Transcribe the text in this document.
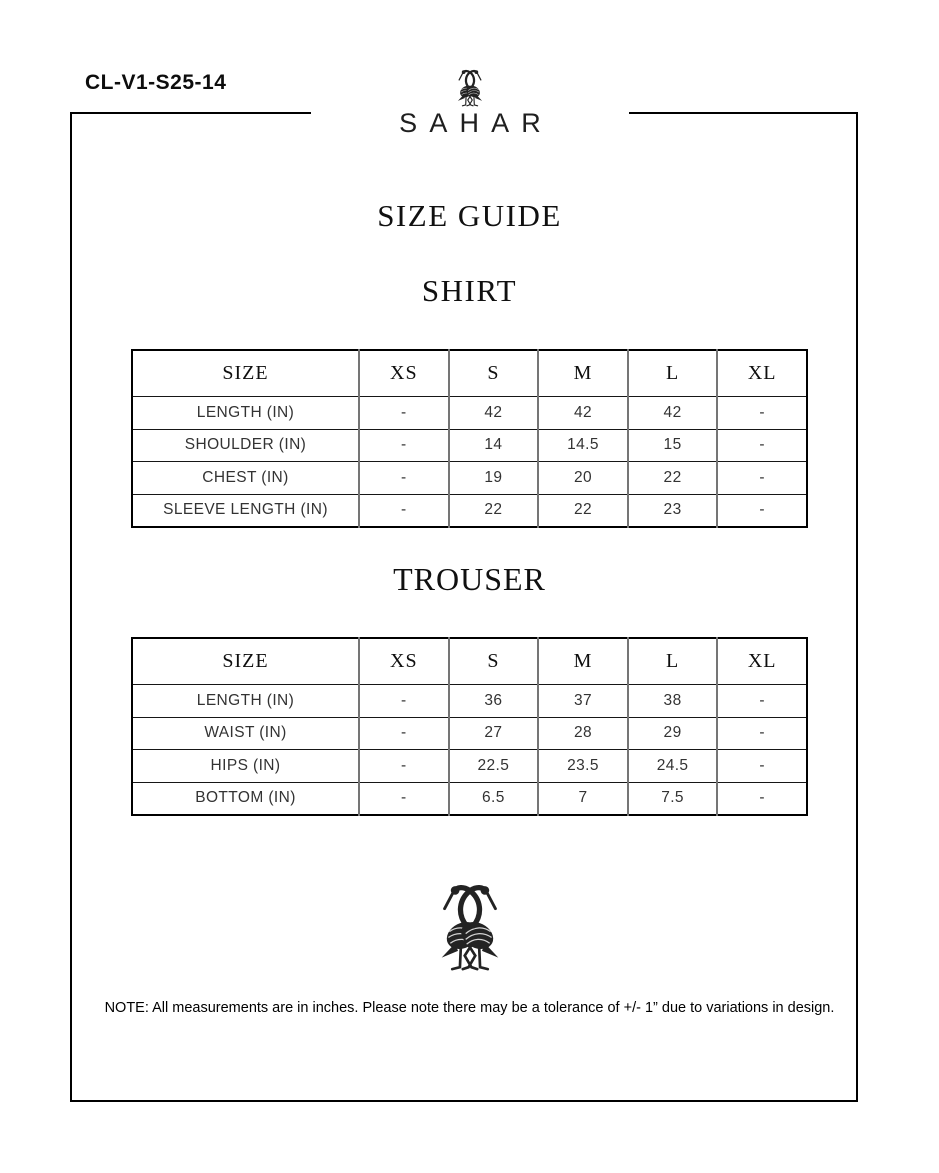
CL-V1-S25-14
SAHAR
SIZE GUIDE
SHIRT
SIZE	XS	S	M	L	XL
LENGTH (IN)	-	42	42	42	-
SHOULDER (IN)	-	14	14.5	15	-
CHEST (IN)	-	19	20	22	-
SLEEVE LENGTH (IN)	-	22	22	23	-
TROUSER
SIZE	XS	S	M	L	XL
LENGTH (IN)	-	36	37	38	-
WAIST (IN)	-	27	28	29	-
HIPS (IN)	-	22.5	23.5	24.5	-
BOTTOM (IN)	-	6.5	7	7.5	-
NOTE: All measurements are in inches. Please note there may be a tolerance of +/- 1” due to variations in design.
